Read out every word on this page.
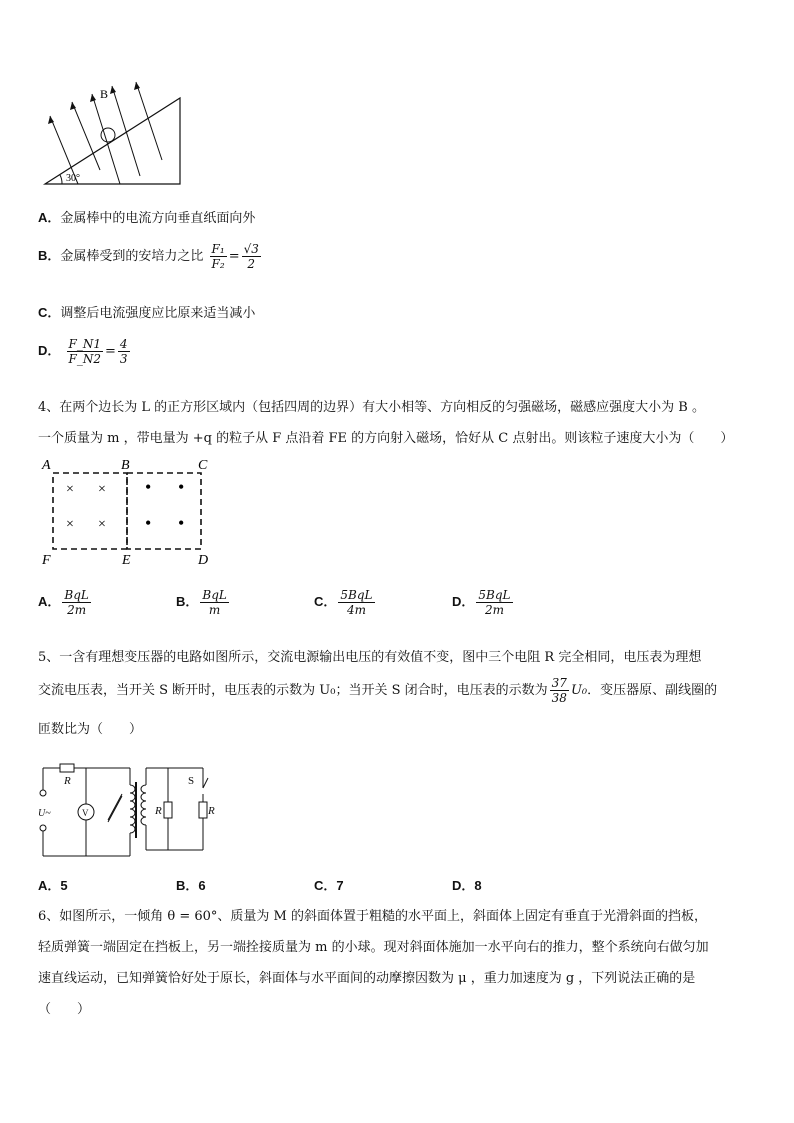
B
30°
A．金属棒中的电流方向垂直纸面向外
B．金属棒受到的安培力之比 $\frac{\text{F₁}}{\text{F₂}} = \frac{√3}{2}$
C．调整后电流强度应比原来适当减小
D． $\frac{F\_N1}{F\_N2} = \frac{4}{3}$
4、在两个边长为 L 的正方形区域内（包括四周的边界）有大小相等、方向相反的匀强磁场，磁感应强度大小为 B 。
一个质量为 m ，带电量为 +q 的粒子从 F 点沿着 FE 的方向射入磁场，恰好从 C 点射出。则该粒子速度大小为（　　）
A	B	C
F	E	D
× ×
× ×
• •
• •
A． $\frac{\text{BqL}}{2m}$	B． $\frac{\text{BqL}}{m}$	C． $\frac{\text{5BqL}}{4m}$	D． $\frac{\text{5BqL}}{2m}$
5、一含有理想变压器的电路如图所示，交流电源输出电压的有效值不变，图中三个电阻 R 完全相同，电压表为理想
交流电压表，当开关 S 断开时，电压表的示数为 U₀；当开关 S 闭合时，电压表的示数为 $\frac{37}{38} U_0$．变压器原、副线圈的
匝数比为（　　）
R
U~	V	R
S
R
A．5	B．6	C．7	D．8
6、如图所示，一倾角 θ = 60°、质量为 M 的斜面体置于粗糙的水平面上，斜面体上固定有垂直于光滑斜面的挡板，
轻质弹簧一端固定在挡板上，另一端拴接质量为 m 的小球。现对斜面体施加一水平向右的推力，整个系统向右做匀加
速直线运动，已知弹簧恰好处于原长，斜面体与水平面间的动摩擦因数为 μ ，重力加速度为 g ，下列说法正确的是
（　　）
